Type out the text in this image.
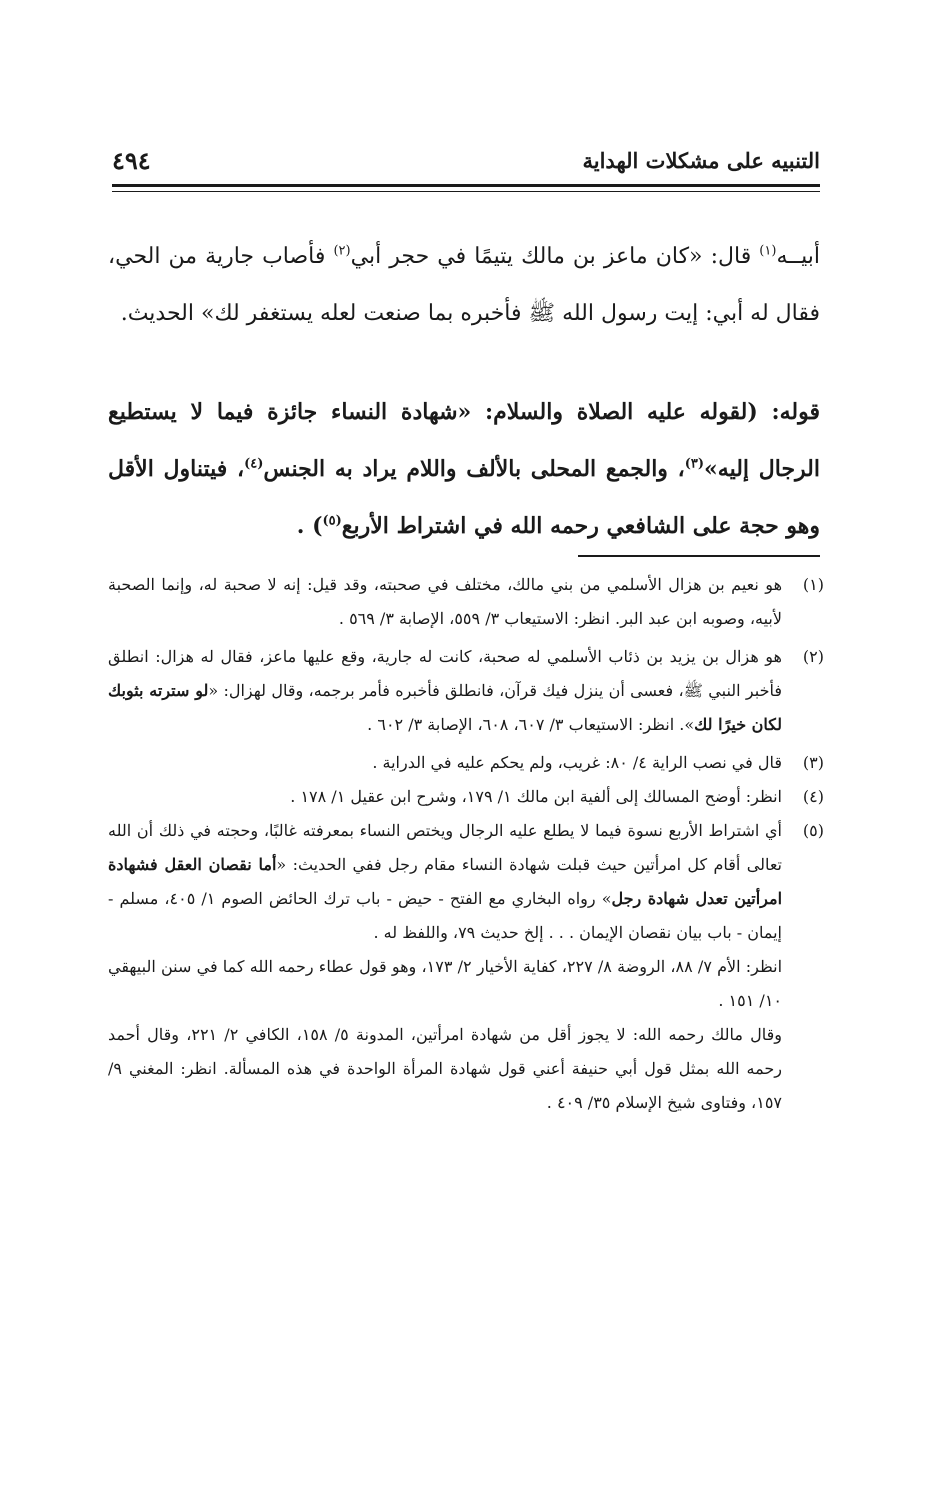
التنبيه على مشكلات الهداية
٤٩٤
أبيــه$^{(١)}$ قال: «كان ماعز بن مالك يتيمًا في حجر أبي$^{(٢)}$ فأصاب جارية من الحي، فقال له أبي: إيت رسول الله ﷺ فأخبره بما صنعت لعله يستغفر لك» الحديث.
قوله: (لقوله عليه الصلاة والسلام: «شهادة النساء جائزة فيما لا يستطيع الرجال إليه»$^{(٣)}$، والجمع المحلى بالألف واللام يراد به الجنس$^{(٤)}$، فيتناول الأقل وهو حجة على الشافعي رحمه الله في اشتراط الأربع$^{(٥)}$) .
(١)
هو نعيم بن هزال الأسلمي من بني مالك، مختلف في صحبته، وقد قيل: إنه لا صحبة له، وإنما الصحبة لأبيه، وصوبه ابن عبد البر. انظر: الاستيعاب ٣/ ٥٥٩، الإصابة ٣/ ٥٦٩ .
(٢)
هو هزال بن يزيد بن ذئاب الأسلمي له صحبة، كانت له جارية، وقع عليها ماعز، فقال له هزال: انطلق فأخبر النبي ﷺ، فعسى أن ينزل فيك قرآن، فانطلق فأخبره فأمر برجمه، وقال لهزال: «لو سترته بثوبك لكان خيرًا لك». انظر: الاستيعاب ٣/ ٦٠٧، ٦٠٨، الإصابة ٣/ ٦٠٢ .
(٣)
قال في نصب الراية ٤/ ٨٠: غريب، ولم يحكم عليه في الدراية .
(٤)
انظر: أوضح المسالك إلى ألفية ابن مالك ١/ ١٧٩، وشرح ابن عقيل ١/ ١٧٨ .
(٥)
أي اشتراط الأربع نسوة فيما لا يطلع عليه الرجال ويختص النساء بمعرفته غالبًا، وحجته في ذلك أن الله تعالى أقام كل امرأتين حيث قبلت شهادة النساء مقام رجل ففي الحديث: «أما نقصان العقل فشهادة امرأتين تعدل شهادة رجل» رواه البخاري مع الفتح - حيض - باب ترك الحائض الصوم ١/ ٤٠٥، مسلم - إيمان - باب بيان نقصان الإيمان . . . إلخ حديث ٧٩، واللفظ له .

انظر: الأم ٧/ ٨٨، الروضة ٨/ ٢٢٧، كفاية الأخيار ٢/ ١٧٣، وهو قول عطاء رحمه الله كما في سنن البيهقي ١٠/ ١٥١ .

وقال مالك رحمه الله: لا يجوز أقل من شهادة امرأتين، المدونة ٥/ ١٥٨، الكافي ٢/ ٢٢١، وقال أحمد رحمه الله بمثل قول أبي حنيفة أعني قول شهادة المرأة الواحدة في هذه المسألة. انظر: المغني ٩/ ١٥٧، وفتاوى شيخ الإسلام ٣٥/ ٤٠٩ .
